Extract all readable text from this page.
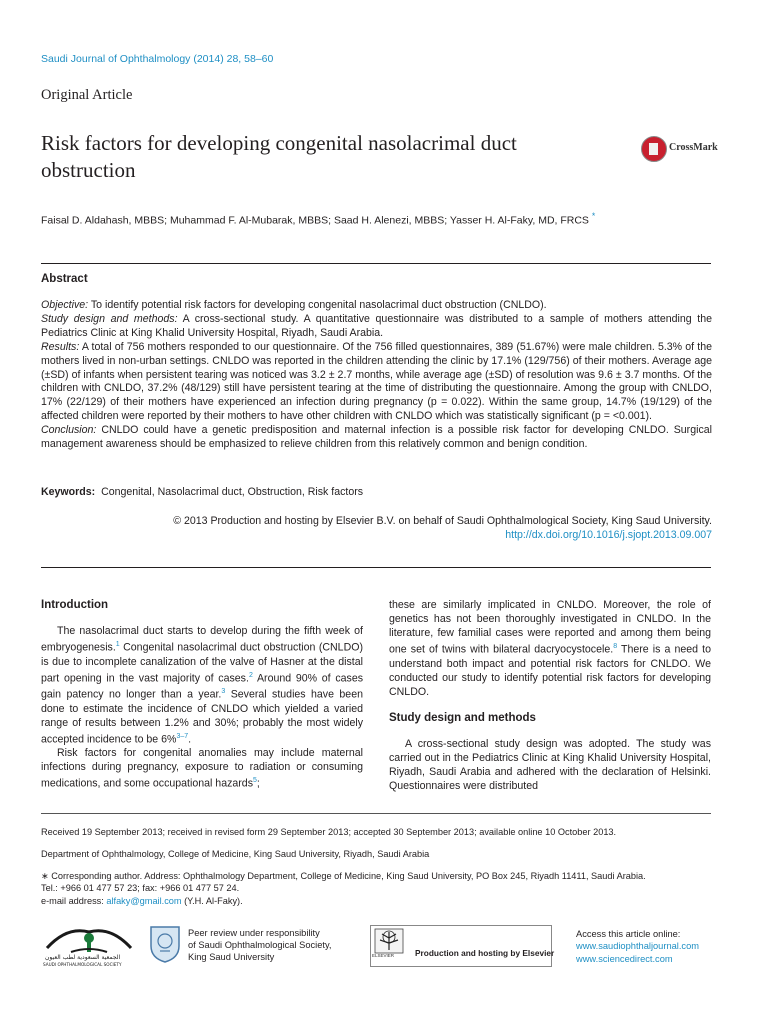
Saudi Journal of Ophthalmology (2014) 28, 58–60
Original Article
Risk factors for developing congenital nasolacrimal duct obstruction
CrossMark
Faisal D. Aldahash, MBBS; Muhammad F. Al-Mubarak, MBBS; Saad H. Alenezi, MBBS; Yasser H. Al-Faky, MD, FRCS *
Abstract

Objective: To identify potential risk factors for developing congenital nasolacrimal duct obstruction (CNLDO).

Study design and methods: A cross-sectional study. A quantitative questionnaire was distributed to a sample of mothers attending the Pediatrics Clinic at King Khalid University Hospital, Riyadh, Saudi Arabia.

Results: A total of 756 mothers responded to our questionnaire. Of the 756 filled questionnaires, 389 (51.67%) were male children. 5.3% of the mothers lived in non-urban settings. CNLDO was reported in the children attending the clinic by 17.1% (129/756) of their mothers. Average age (±SD) of infants when persistent tearing was noticed was 3.2 ± 2.7 months, while average age (±SD) of resolution was 9.6 ± 3.7 months. Of the children with CNLDO, 37.2% (48/129) still have persistent tearing at the time of distributing the questionnaire. Among the group with CNLDO, 17% (22/129) of their mothers have experienced an infection during pregnancy (p = 0.022). Within the same group, 14.7% (19/129) of the affected children were reported by their mothers to have other children with CNLDO which was statistically significant (p = <0.001).

Conclusion: CNLDO could have a genetic predisposition and maternal infection is a possible risk factor for developing CNLDO. Surgical management awareness should be emphasized to relieve children from this relatively common and benign condition.

Keywords: Congenital, Nasolacrimal duct, Obstruction, Risk factors
© 2013 Production and hosting by Elsevier B.V. on behalf of Saudi Ophthalmological Society, King Saud University.
http://dx.doi.org/10.1016/j.sjopt.2013.09.007
Introduction

The nasolacrimal duct starts to develop during the fifth week of embryogenesis.$^1$ Congenital nasolacrimal duct obstruction (CNLDO) is due to incomplete canalization of the valve of Hasner at the distal part opening in the vast majority of cases.$^2$ Around 90% of cases gain patency no longer than a year.$^3$ Several studies have been done to estimate the incidence of CNLDO which yielded a varied range of results between 1.2% and 30%; probably the most widely accepted incidence to be 6%$^{3-7}$.

Risk factors for congenital anomalies may include maternal infections during pregnancy, exposure to radiation or consuming medications, and some occupational hazards$^5$;

these are similarly implicated in CNLDO. Moreover, the role of genetics has not been thoroughly investigated in CNLDO. In the literature, few familial cases were reported and among them being one set of twins with bilateral dacryocystocele.$^8$ There is a need to understand both impact and potential risk factors for CNLDO. We conducted our study to identify potential risk factors for developing CNLDO.

Study design and methods

A cross-sectional study design was adopted. The study was carried out in the Pediatrics Clinic at King Khalid University Hospital, Riyadh, Saudi Arabia and adhered with the declaration of Helsinki. Questionnaires were distributed

Received 19 September 2013; received in revised form 29 September 2013; accepted 30 September 2013; available online 10 October 2013.
Department of Ophthalmology, College of Medicine, King Saud University, Riyadh, Saudi Arabia
∗ Corresponding author. Address: Ophthalmology Department, College of Medicine, King Saud University, PO Box 245, Riyadh 11411, Saudi Arabia.
Tel.: +966 01 477 57 23; fax: +966 01 477 57 24.
e-mail address: alfaky@gmail.com (Y.H. Al-Faky).
الجمعية السعودية لطب العيون
SAUDI OPHTHALMOLOGICAL SOCIETY
Peer review under responsibility
of Saudi Ophthalmological Society,
King Saud University	ELSEVIER	Production and hosting by Elsevier
Access this article online:
www.saudiophthaljournal.com
www.sciencedirect.com
